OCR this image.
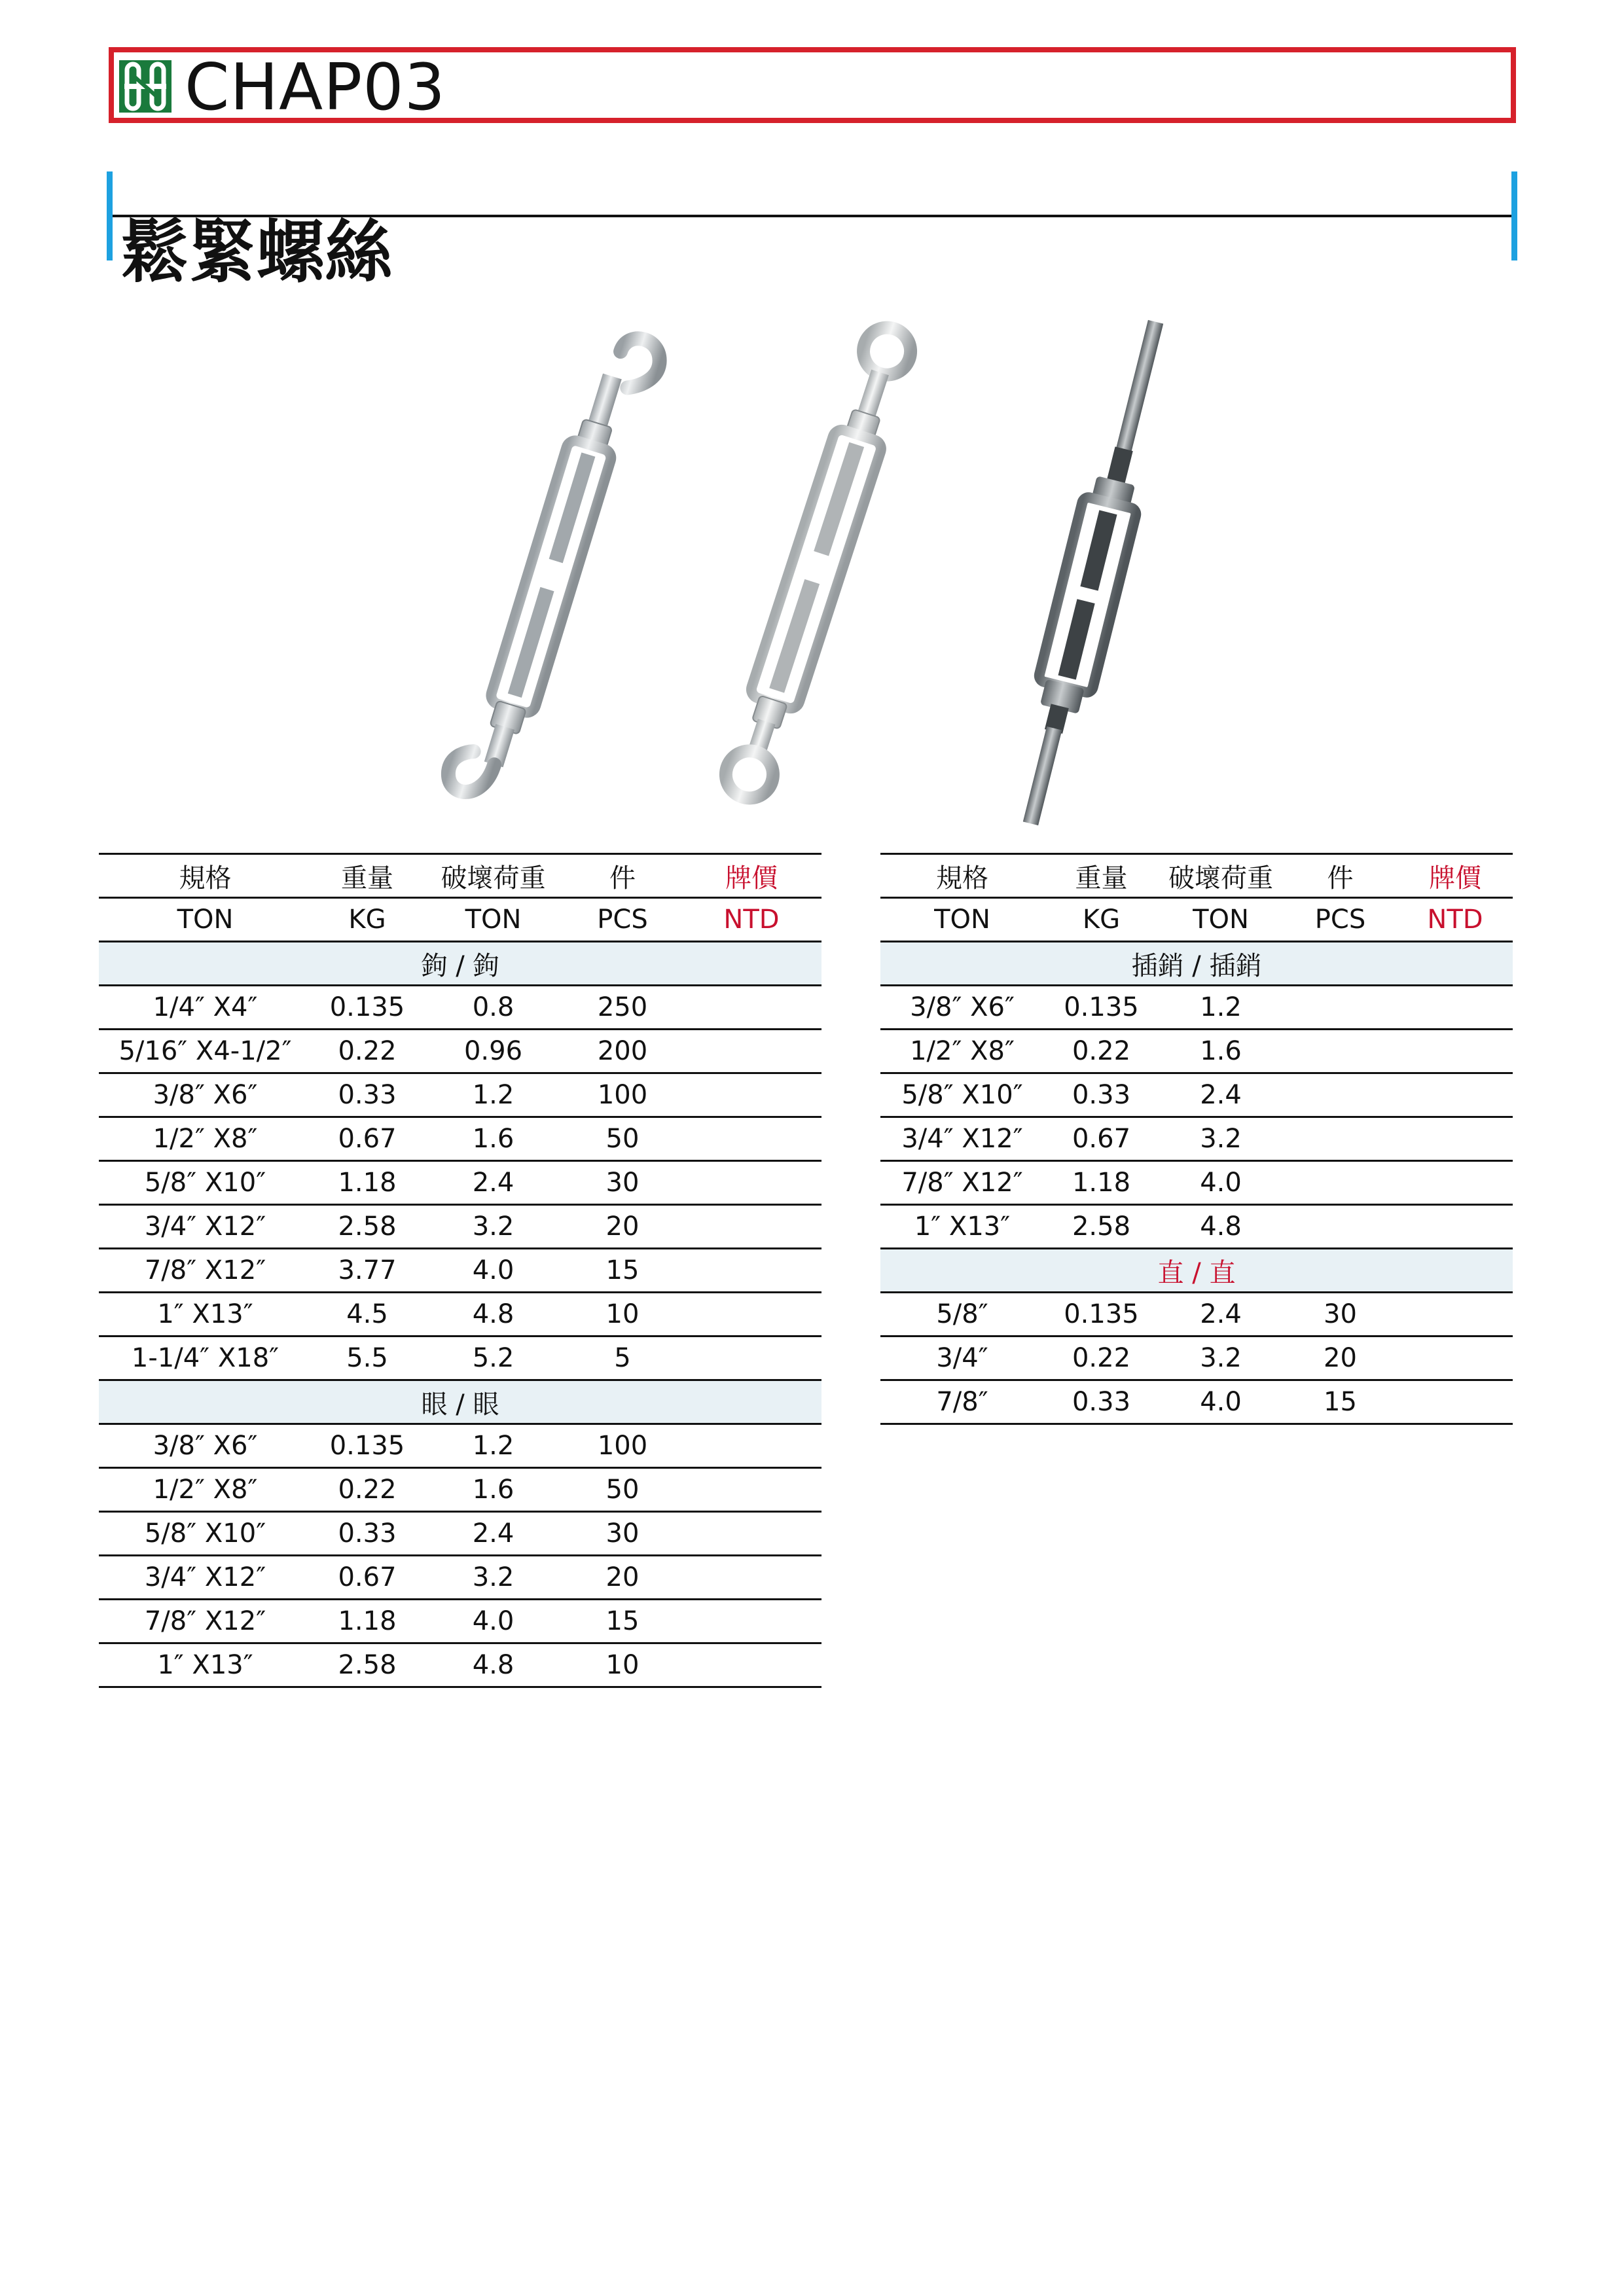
CHAP03
鬆緊螺絲
規格	重量	破壞荷重	件	牌價
TON	KG	TON	PCS	NTD
鉤 / 鉤				
1/4″ X4″	0.135	0.8	250	
5/16″ X4-1/2″	0.22	0.96	200	
3/8″ X6″	0.33	1.2	100	
1/2″ X8″	0.67	1.6	50	
5/8″ X10″	1.18	2.4	30	
3/4″ X12″	2.58	3.2	20	
7/8″ X12″	3.77	4.0	15	
1″ X13″	4.5	4.8	10	
1-1/4″ X18″	5.5	5.2	5	
眼 / 眼				
3/8″ X6″	0.135	1.2	100	
1/2″ X8″	0.22	1.6	50	
5/8″ X10″	0.33	2.4	30	
3/4″ X12″	0.67	3.2	20	
7/8″ X12″	1.18	4.0	15	
1″ X13″	2.58	4.8	10	
規格	重量	破壞荷重	件	牌價
TON	KG	TON	PCS	NTD
插銷 / 插銷				
3/8″ X6″	0.135	1.2		
1/2″ X8″	0.22	1.6		
5/8″ X10″	0.33	2.4		
3/4″ X12″	0.67	3.2		
7/8″ X12″	1.18	4.0		
1″ X13″	2.58	4.8		
直 / 直				
5/8″	0.135	2.4	30	
3/4″	0.22	3.2	20	
7/8″	0.33	4.0	15	
